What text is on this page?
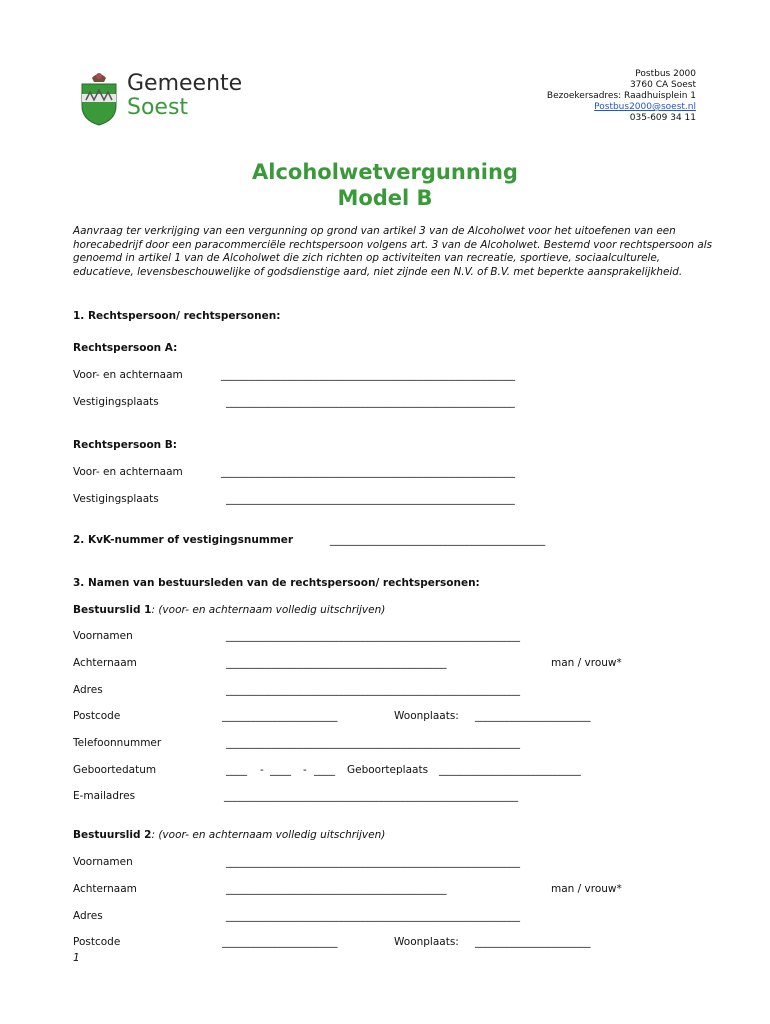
Gemeente
Soest
Postbus 2000
3760 CA Soest
Bezoekersadres: Raadhuisplein 1
Postbus2000@soest.nl
035-609 34 11
Alcoholwetvergunning
Model B
Aanvraag ter verkrijging van een vergunning op grond van artikel 3 van de Alcoholwet voor het uitoefenen van een horecabedrijf door een paracommerciële rechtspersoon volgens art. 3 van de Alcoholwet. Bestemd voor rechtspersoon als genoemd in artikel 1 van de Alcoholwet die zich richten op activiteiten van recreatie, sportieve, sociaalculturele, educatieve, levensbeschouwelijke of godsdienstige aard, niet zijnde een N.V. of B.V. met beperkte aansprakelijkheid.
1. Rechtspersoon/ rechtspersonen:
Rechtspersoon A:
Voor- en achternaam	________________________________________________________
Vestigingsplaats	_______________________________________________________
Rechtspersoon B:
Voor- en achternaam	________________________________________________________
Vestigingsplaats	_______________________________________________________
2. KvK-nummer of vestigingsnummer	_________________________________________
3. Namen van bestuursleden van de rechtspersoon/ rechtspersonen:
Bestuurslid 1: (voor- en achternaam volledig uitschrijven)
Voornamen	________________________________________________________
Achternaam	__________________________________________	man / vrouw*
Adres	________________________________________________________
Postcode	______________________	Woonplaats: ______________________
Telefoonnummer	________________________________________________________
Geboortedatum	____ - ____ - ____ Geboorteplaats ___________________________
E-mailadres	________________________________________________________
Bestuurslid 2: (voor- en achternaam volledig uitschrijven)
Voornamen	________________________________________________________
Achternaam	__________________________________________	man / vrouw*
Adres	________________________________________________________
Postcode	______________________	Woonplaats: ______________________
1
